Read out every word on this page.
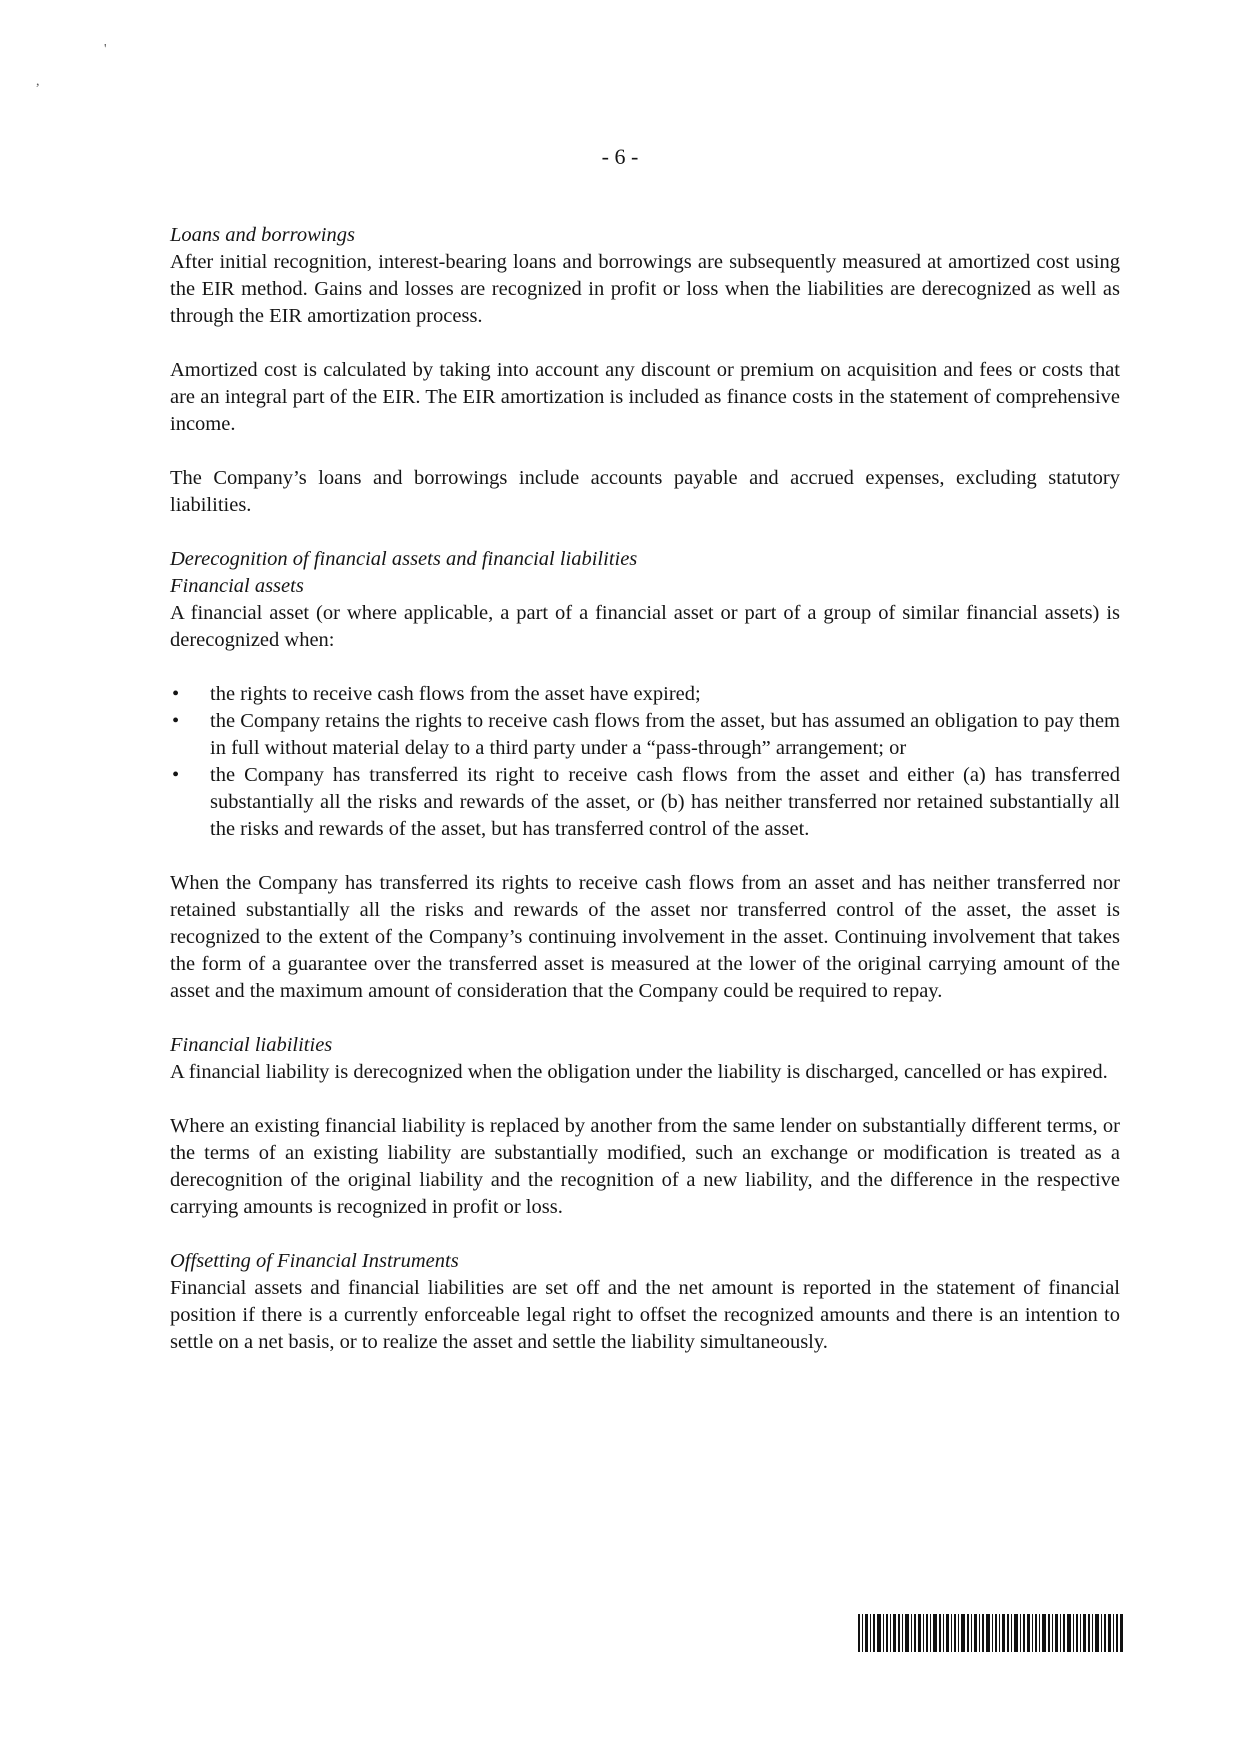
'
,
- 6 -

Loans and borrowings
After initial recognition, interest-bearing loans and borrowings are subsequently measured at amortized cost using the EIR method. Gains and losses are recognized in profit or loss when the liabilities are derecognized as well as through the EIR amortization process.

Amortized cost is calculated by taking into account any discount or premium on acquisition and fees or costs that are an integral part of the EIR. The EIR amortization is included as finance costs in the statement of comprehensive income.

The Company’s loans and borrowings include accounts payable and accrued expenses, excluding statutory liabilities.

Derecognition of financial assets and financial liabilities
Financial assets
A financial asset (or where applicable, a part of a financial asset or part of a group of similar financial assets) is derecognized when:

• the rights to receive cash flows from the asset have expired;
• the Company retains the rights to receive cash flows from the asset, but has assumed an obligation to pay them in full without material delay to a third party under a “pass-through” arrangement; or
• the Company has transferred its right to receive cash flows from the asset and either (a) has transferred substantially all the risks and rewards of the asset, or (b) has neither transferred nor retained substantially all the risks and rewards of the asset, but has transferred control of the asset.

When the Company has transferred its rights to receive cash flows from an asset and has neither transferred nor retained substantially all the risks and rewards of the asset nor transferred control of the asset, the asset is recognized to the extent of the Company’s continuing involvement in the asset. Continuing involvement that takes the form of a guarantee over the transferred asset is measured at the lower of the original carrying amount of the asset and the maximum amount of consideration that the Company could be required to repay.

Financial liabilities
A financial liability is derecognized when the obligation under the liability is discharged, cancelled or has expired.

Where an existing financial liability is replaced by another from the same lender on substantially different terms, or the terms of an existing liability are substantially modified, such an exchange or modification is treated as a derecognition of the original liability and the recognition of a new liability, and the difference in the respective carrying amounts is recognized in profit or loss.

Offsetting of Financial Instruments
Financial assets and financial liabilities are set off and the net amount is reported in the statement of financial position if there is a currently enforceable legal right to offset the recognized amounts and there is an intention to settle on a net basis, or to realize the asset and settle the liability simultaneously.
